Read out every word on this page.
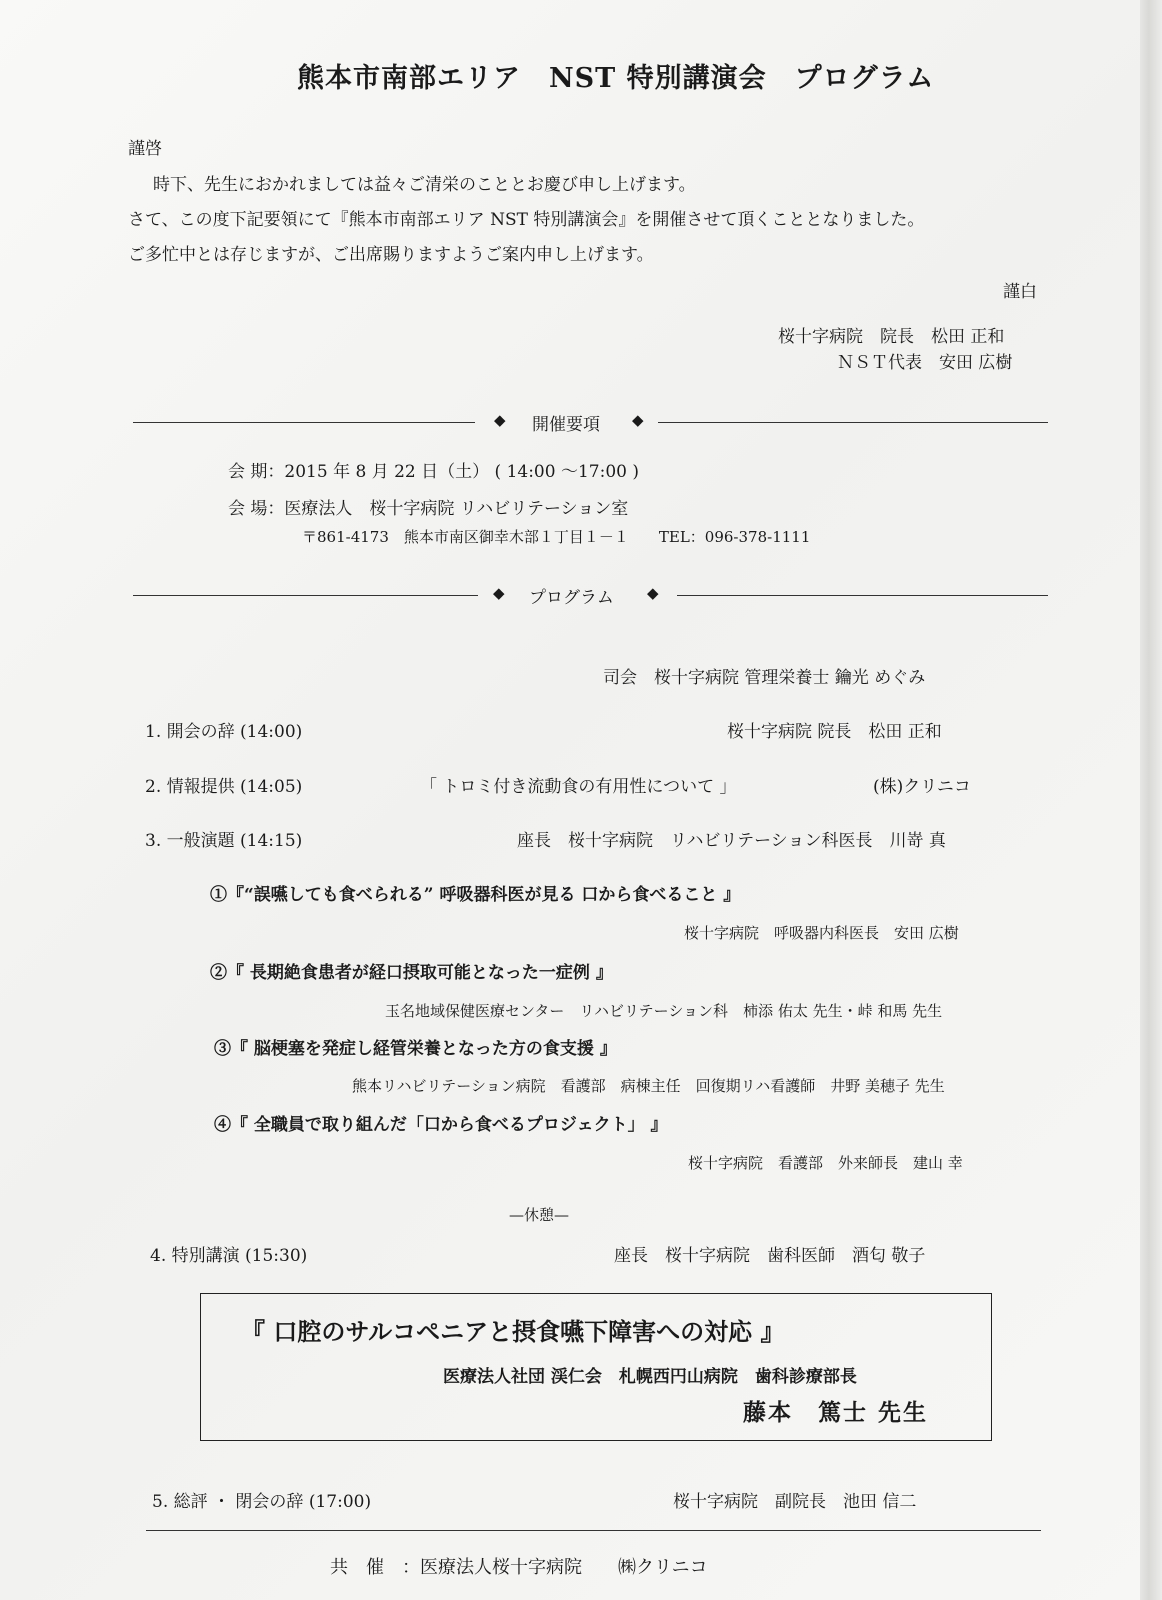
熊本市南部エリア　NST 特別講演会　プログラム
謹啓
時下、先生におかれましては益々ご清栄のこととお慶び申し上げます。
さて、この度下記要領にて『熊本市南部エリア NST 特別講演会』を開催させて頂くこととなりました。
ご多忙中とは存じますが、ご出席賜りますようご案内申し上げます。
謹白
桜十字病院　院長　松田 正和
ＮＳＴ代表　安田 広樹
◆ 開催要項 ◆
会 期：2015 年 8 月 22 日（土） ( 14:00 ～17:00 )
会 場：医療法人　桜十字病院 リハビリテーション室
〒861-4173　熊本市南区御幸木部１丁目１－１　　TEL：096-378-1111
◆ プログラム ◆
司会　桜十字病院 管理栄養士 鑰光 めぐみ
1. 開会の辞 (14:00)	桜十字病院 院長　松田 正和
2. 情報提供 (14:05)	「 トロミ付き流動食の有用性について 」	(株)クリニコ
3. 一般演題 (14:15)	座長　桜十字病院　リハビリテーション科医長　川嵜 真
①『“誤嚥しても食べられる” 呼吸器科医が見る 口から食べること 』
桜十字病院　呼吸器内科医長　安田 広樹
②『 長期絶食患者が経口摂取可能となった一症例 』
玉名地域保健医療センター　リハビリテーション科　柿添 佑太 先生・峠 和馬 先生
③『 脳梗塞を発症し経管栄養となった方の食支援 』
熊本リハビリテーション病院　看護部　病棟主任　回復期リハ看護師　井野 美穂子 先生
④『 全職員で取り組んだ「口から食べるプロジェクト」 』
桜十字病院　看護部　外来師長　建山 幸
—休憩—
4. 特別講演 (15:30)	座長　桜十字病院　歯科医師　酒匂 敬子
『 口腔のサルコペニアと摂食嚥下障害への対応 』
医療法人社団 渓仁会　札幌西円山病院　歯科診療部長
藤本　篤士 先生
5. 総評 ・ 閉会の辞 (17:00)	桜十字病院　副院長　池田 信二
共　催　：医療法人桜十字病院　　㈱クリニコ
